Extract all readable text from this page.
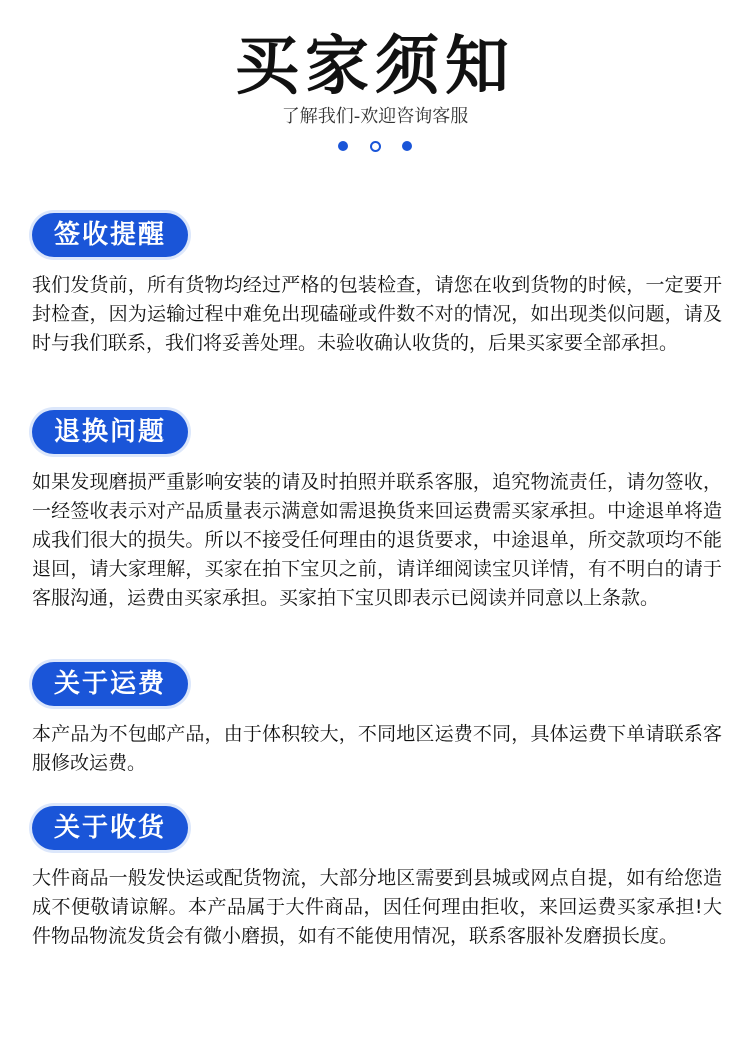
买家须知
了解我们-欢迎咨询客服
签收提醒
我们发货前，所有货物均经过严格的包装检查，请您在收到货物的时候，一定要开封检查，因为运输过程中难免出现磕碰或件数不对的情况，如出现类似问题，请及时与我们联系，我们将妥善处理。未验收确认收货的，后果买家要全部承担。
退换问题
如果发现磨损严重影响安装的请及时拍照并联系客服，追究物流责任，请勿签收，一经签收表示对产品质量表示满意如需退换货来回运费需买家承担。中途退单将造成我们很大的损失。所以不接受任何理由的退货要求，中途退单，所交款项均不能退回，请大家理解，买家在拍下宝贝之前，请详细阅读宝贝详情，有不明白的请于客服沟通，运费由买家承担。买家拍下宝贝即表示已阅读并同意以上条款。
关于运费
本产品为不包邮产品，由于体积较大，不同地区运费不同，具体运费下单请联系客服修改运费。
关于收货
大件商品一般发快运或配货物流，大部分地区需要到县城或网点自提，如有给您造成不便敬请谅解。本产品属于大件商品，因任何理由拒收，来回运费买家承担!大件物品物流发货会有微小磨损，如有不能使用情况，联系客服补发磨损长度。
